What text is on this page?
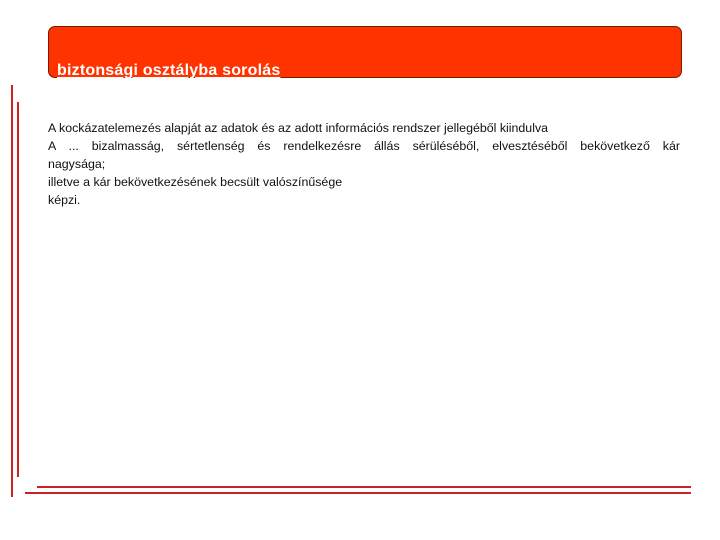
biztonsági osztályba sorolás

A kockázatelemezés alapját az adatok és az adott információs rendszer jellegéből kiindulva

A ... bizalmasság, sértetlenség és rendelkezésre állás sérüléséből, elvesztéséből bekövetkező kár

nagysága;

illetve a kár bekövetkezésének becsült valószínűsége

képzi.
